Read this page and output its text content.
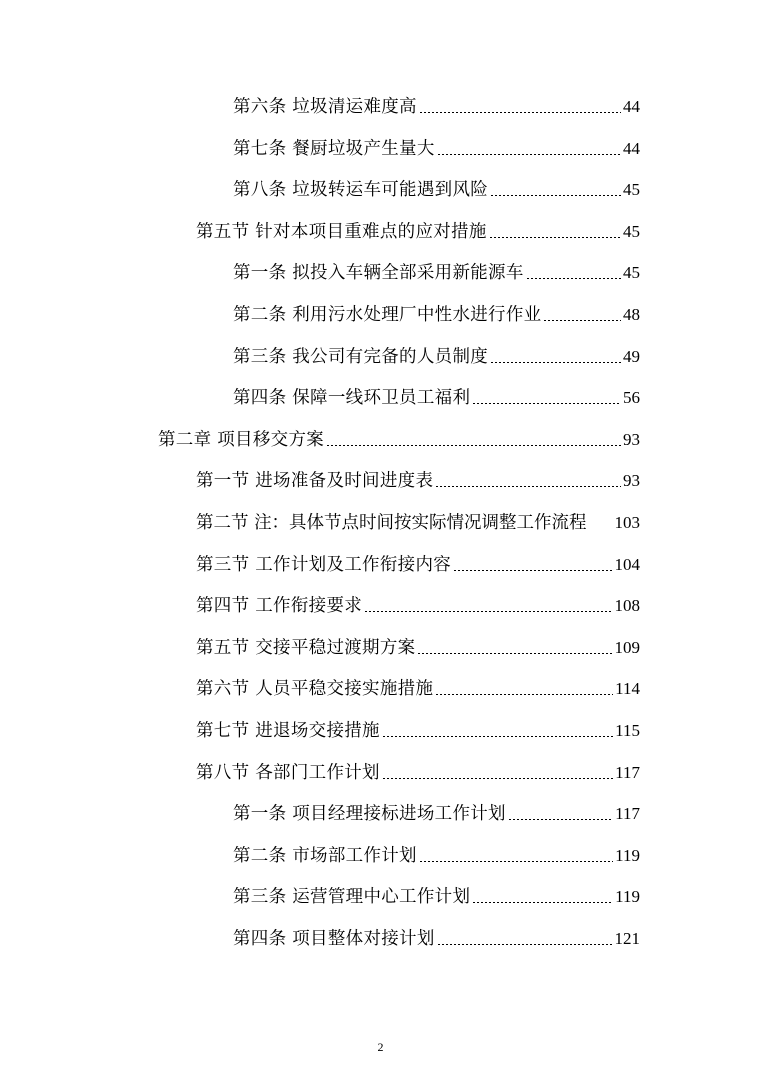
第六条 垃圾清运难度高	44
第七条 餐厨垃圾产生量大	44
第八条 垃圾转运车可能遇到风险	45
第五节 针对本项目重难点的应对措施	45
第一条 拟投入车辆全部采用新能源车	45
第二条 利用污水处理厂中性水进行作业	48
第三条 我公司有完备的人员制度	49
第四条 保障一线环卫员工福利	56
第二章 项目移交方案	93
第一节 进场准备及时间进度表	93
第二节 注：具体节点时间按实际情况调整工作流程 103
第三节 工作计划及工作衔接内容	104
第四节 工作衔接要求	108
第五节 交接平稳过渡期方案	109
第六节 人员平稳交接实施措施	114
第七节 进退场交接措施	115
第八节 各部门工作计划	117
第一条 项目经理接标进场工作计划	117
第二条 市场部工作计划	119
第三条 运营管理中心工作计划	119
第四条 项目整体对接计划	121
2
